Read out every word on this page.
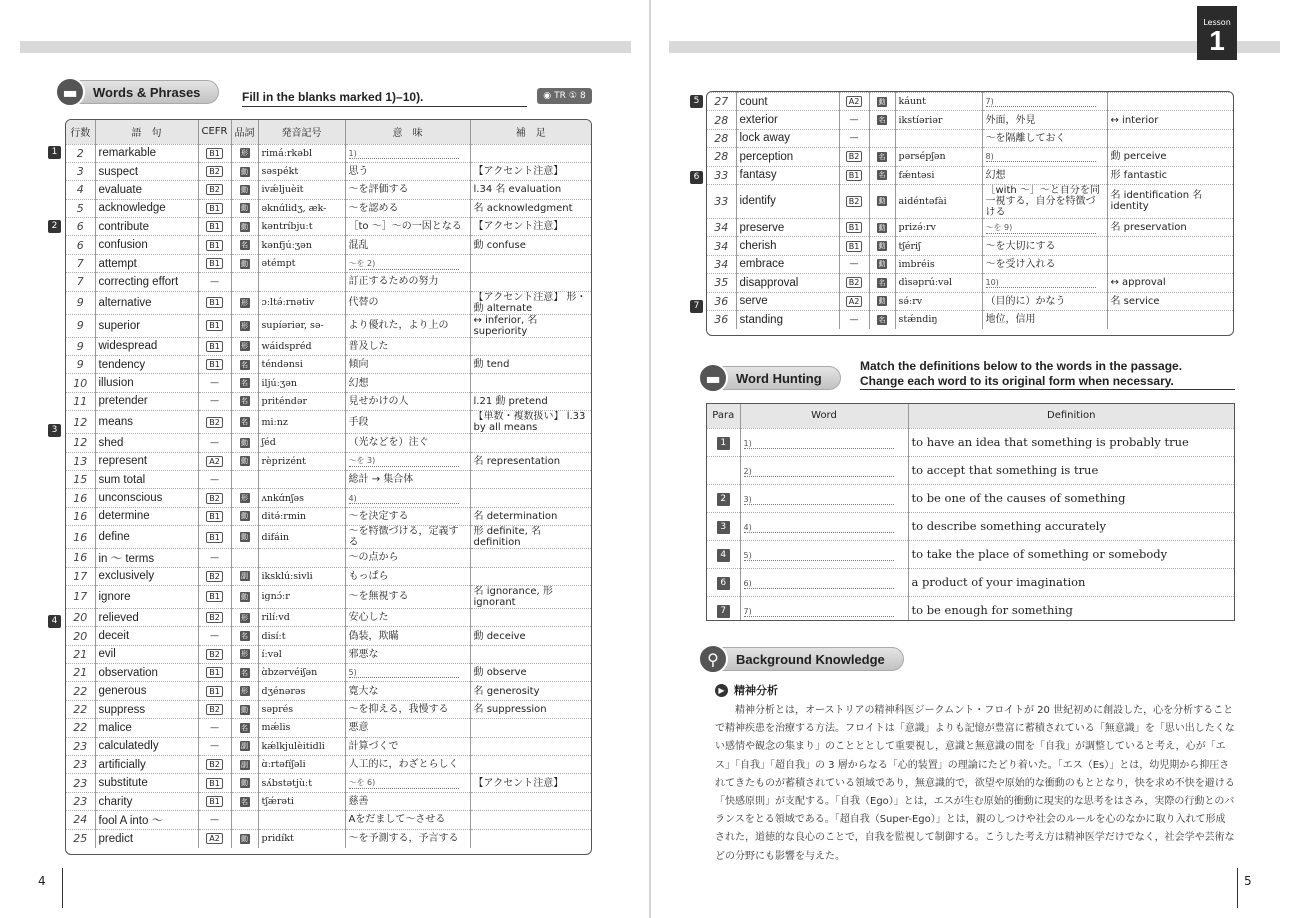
Lesson
1
▬	Words & Phrases	Fill in the blanks marked 1)–10).	◉ TR ① 8
行数	語　句	CEFR	品詞	発音記号	意　味	補　足
2	remarkable	B1	形	rimáːrkəbl	1)	
3	suspect	B2	動	səspékt	思う	【アクセント注意】
4	evaluate	B2	動	ivǽljuèit	〜を評価する	l.34 名 evaluation
5	acknowledge	B1	動	əknɑ́lidʒ, æk-	〜を認める	名 acknowledgment
6	contribute	B1	動	kəntríbjuːt	［to 〜］〜の一因となる	【アクセント注意】
6	confusion	B1	名	kənfjúːʒən	混乱	動 confuse
7	attempt	B1	動	ətémpt	〜を 2)	
7	correcting effort	—			訂正するための努力	
9	alternative	B1	形	ɔːltə́ːrnətiv	代替の	【アクセント注意】 形・動 alternate
9	superior	B1	形	supíəriər, sə-	より優れた，より上の	↔ inferior, 名 superiority
9	widespread	B1	形	wáidspréd	普及した	
9	tendency	B1	名	téndənsi	傾向	動 tend
10	illusion	—	名	ilјúːʒən	幻想	
11	pretender	—	名	priténdər	見せかけの人	l.21 動 pretend
12	means	B2	名	miːnz	手段	【単数・複数扱い】 l.33 by all means
12	shed	—	動	ʃéd	（光などを）注ぐ	
13	represent	A2	動	rèprizént	〜を 3)	名 representation
15	sum total	—			総計 → 集合体	
16	unconscious	B2	形	ʌnkɑ́nʃəs	4)	
16	determine	B1	動	ditə́ːrmin	〜を決定する	名 determination
16	define	B1	動	difáin	〜を特徴づける，定義する	形 definite, 名 definition
16	in 〜 terms	—			〜の点から	
17	exclusively	B2	副	iksklúːsivli	もっぱら	
17	ignore	B1	動	ignɔ́ːr	〜を無視する	名 ignorance, 形 ignorant
20	relieved	B2	形	rilíːvd	安心した	
20	deceit	—	名	disíːt	偽装，欺瞞	動 deceive
21	evil	B2	形	íːvəl	邪悪な	
21	observation	B1	名	ɑ̀bzərvéiʃən	5)	動 observe
22	generous	B1	形	dʒénərəs	寛大な	名 generosity
22	suppress	B2	動	səprés	〜を抑える，我慢する	名 suppression
22	malice	—	名	mǽlis	悪意	
23	calculatedly	—	副	kǽlkjulèitidli	計算づくで	
23	artificially	B2	副	ɑ̀ːrtəfíʃəli	人工的に，わざとらしく	
23	substitute	B1	動	sʌ́bstətjùːt	〜を 6)	【アクセント注意】
23	charity	B1	名	tʃǽrəti	慈善	
24	fool A into 〜	—			Aをだまして〜させる	
25	predict	A2	動	pridíkt	〜を予測する，予言する	
27	count	A2	動	káunt	7)	
28	exterior	—	名	ikstíəriər	外面，外見	↔ interior
28	lock away	—			〜を隔離しておく	
28	perception	B2	名	pərsépʃən	8)	動 perceive
33	fantasy	B1	名	fǽntəsi	幻想	形 fantastic
33	identify	B2	動	aidéntəfài	［with 〜］〜と自分を同一視する，自分を特徴づける	名 identification 名 identity
34	preserve	B1	動	prizə́ːrv	〜を 9)	名 preservation
34	cherish	B1	動	tʃériʃ	〜を大切にする	
34	embrace	—	動	imbréis	〜を受け入れる	
35	disapproval	B2	名	dìsəprúːvəl	10)	↔ approval
36	serve	A2	動	sə́ːrv	（目的に）かなう	名 service
36	standing	—	名	stǽndiŋ	地位，信用	
1
2
3
4
5
6
7
▬	Word Hunting
Match the definitions below to the words in the passage.
Change each word to its original form when necessary.
Para	Word	Definition
1	1)	to have an idea that something is probably true
	2)	to accept that something is true
2	3)	to be one of the causes of something
3	4)	to describe something accurately
4	5)	to take the place of something or somebody
6	6)	a product of your imagination
7	7)	to be enough for something
⚲	Background Knowledge
▶ 精神分析
精神分析とは，オーストリアの精神科医ジークムント・フロイトが 20 世紀初めに創設した，心を分析することで精神疾患を治療する方法。フロイトは「意識」よりも記憶が豊富に蓄積されている「無意識」を「思い出したくない感情や観念の集まり」のことととして重要視し，意識と無意識の間を「自我」が調整していると考え，心が「エス」「自我」「超自我」の 3 層からなる「心的装置」の理論にたどり着いた。「エス（Es）」とは，幼児期から抑圧されてきたものが蓄積されている領域であり，無意識的で，欲望や原始的な衝動のもととなり，快を求め不快を避ける「快感原則」が支配する。「自我（Ego）」とは，エスが生む原始的衝動に現実的な思考をはさみ，実際の行動とのバランスをとる領域である。「超自我（Super-Ego）」とは，親のしつけや社会のルールを心のなかに取り入れて形成された，道徳的な良心のことで，自我を監視して制御する。こうした考え方は精神医学だけでなく，社会学や芸術などの分野にも影響を与えた。
4	5
